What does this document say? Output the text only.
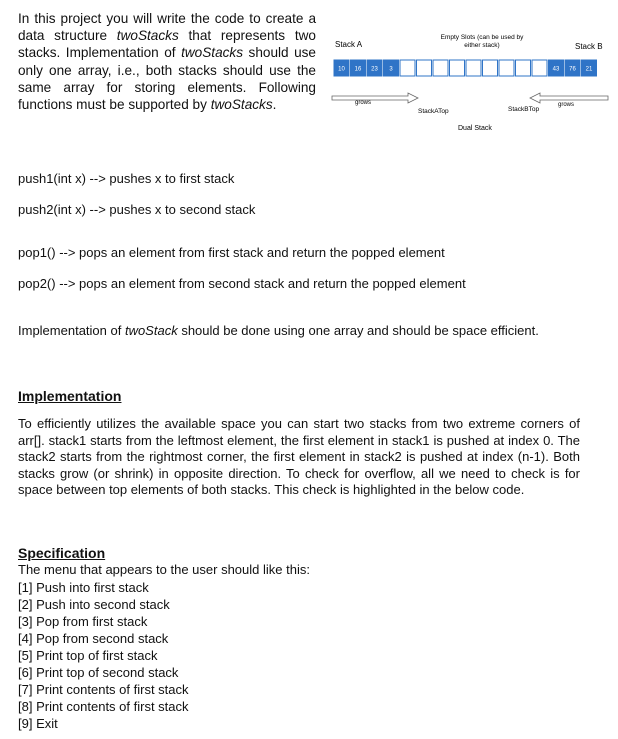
In this project you will write the code to create a data structure twoStacks that represents two stacks. Implementation of twoStacks should use only one array, i.e., both stacks should use the same array for storing elements. Following functions must be supported by twoStacks.
Empty Slots (can be used by
either stack)
Stack A	Stack B
10 16 23 3	43 76 21
grows	grows
StackATop	StackBTop
Dual Stack
push1(int x) --> pushes x to first stack
push2(int x) --> pushes x to second stack
pop1() --> pops an element from first stack and return the popped element
pop2() --> pops an element from second stack and return the popped element
Implementation of twoStack should be done using one array and should be space efficient.
Implementation
To efficiently utilizes the available space you can start two stacks from two extreme corners of arr[]. stack1 starts from the leftmost element, the first element in stack1 is pushed at index 0. The stack2 starts from the rightmost corner, the first element in stack2 is pushed at index (n-1). Both stacks grow (or shrink) in opposite direction. To check for overflow, all we need to check is for space between top elements of both stacks. This check is highlighted in the below code.
Specification
The menu that appears to the user should like this:
[1] Push into first stack
[2] Push into second stack
[3] Pop from first stack
[4] Pop from second stack
[5] Print top of first stack
[6] Print top of second stack
[7] Print contents of first stack
[8] Print contents of first stack
[9] Exit
